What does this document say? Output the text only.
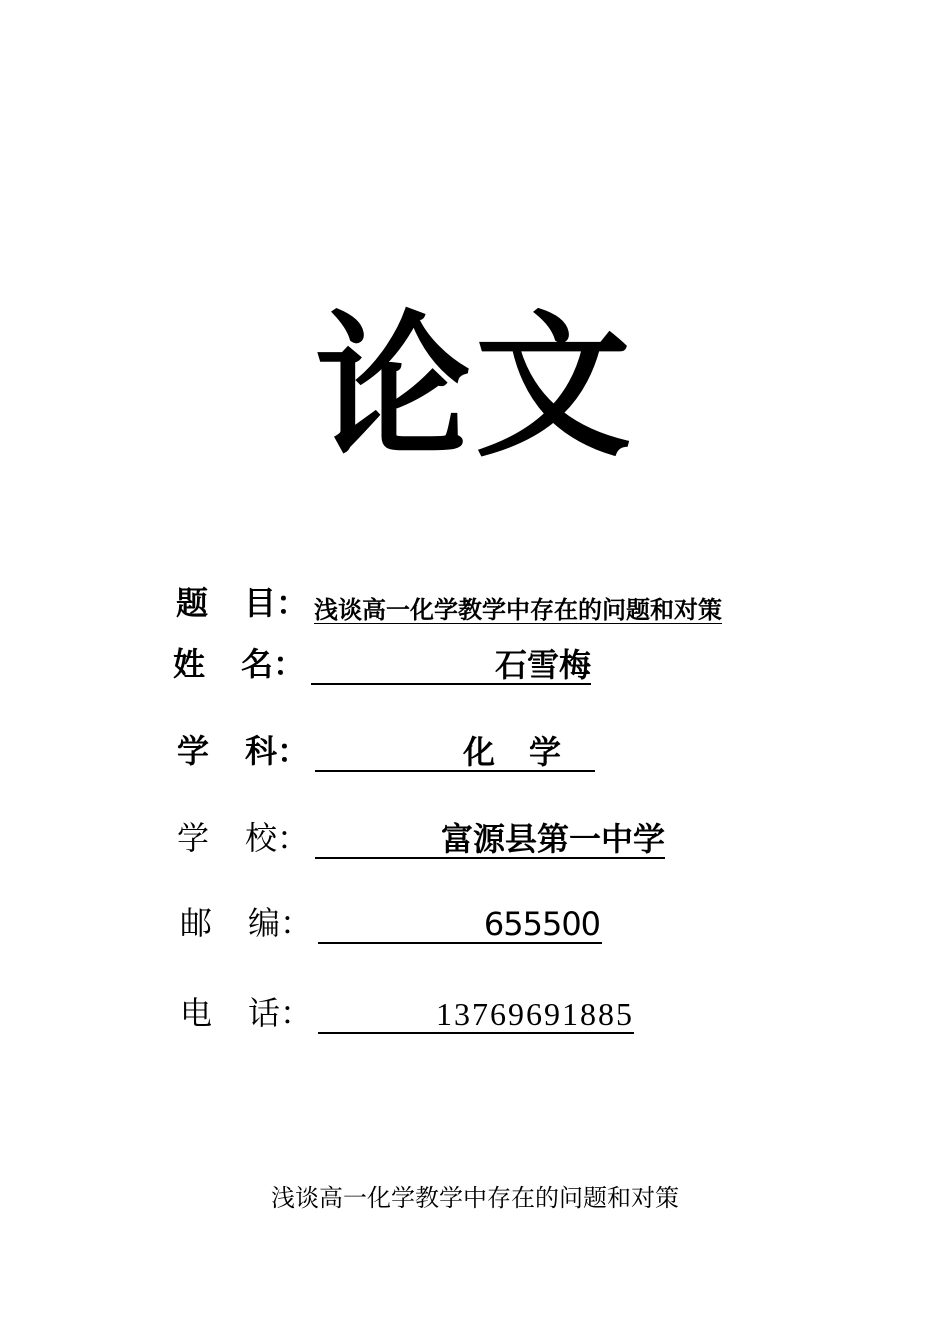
论文
题 目： 浅谈高一化学教学中存在的问题和对策
姓 名：	石雪梅
学 科：	化学
学 校：	富源县第一中学
邮 编：	655500
电 话：	13769691885
浅谈高一化学教学中存在的问题和对策
